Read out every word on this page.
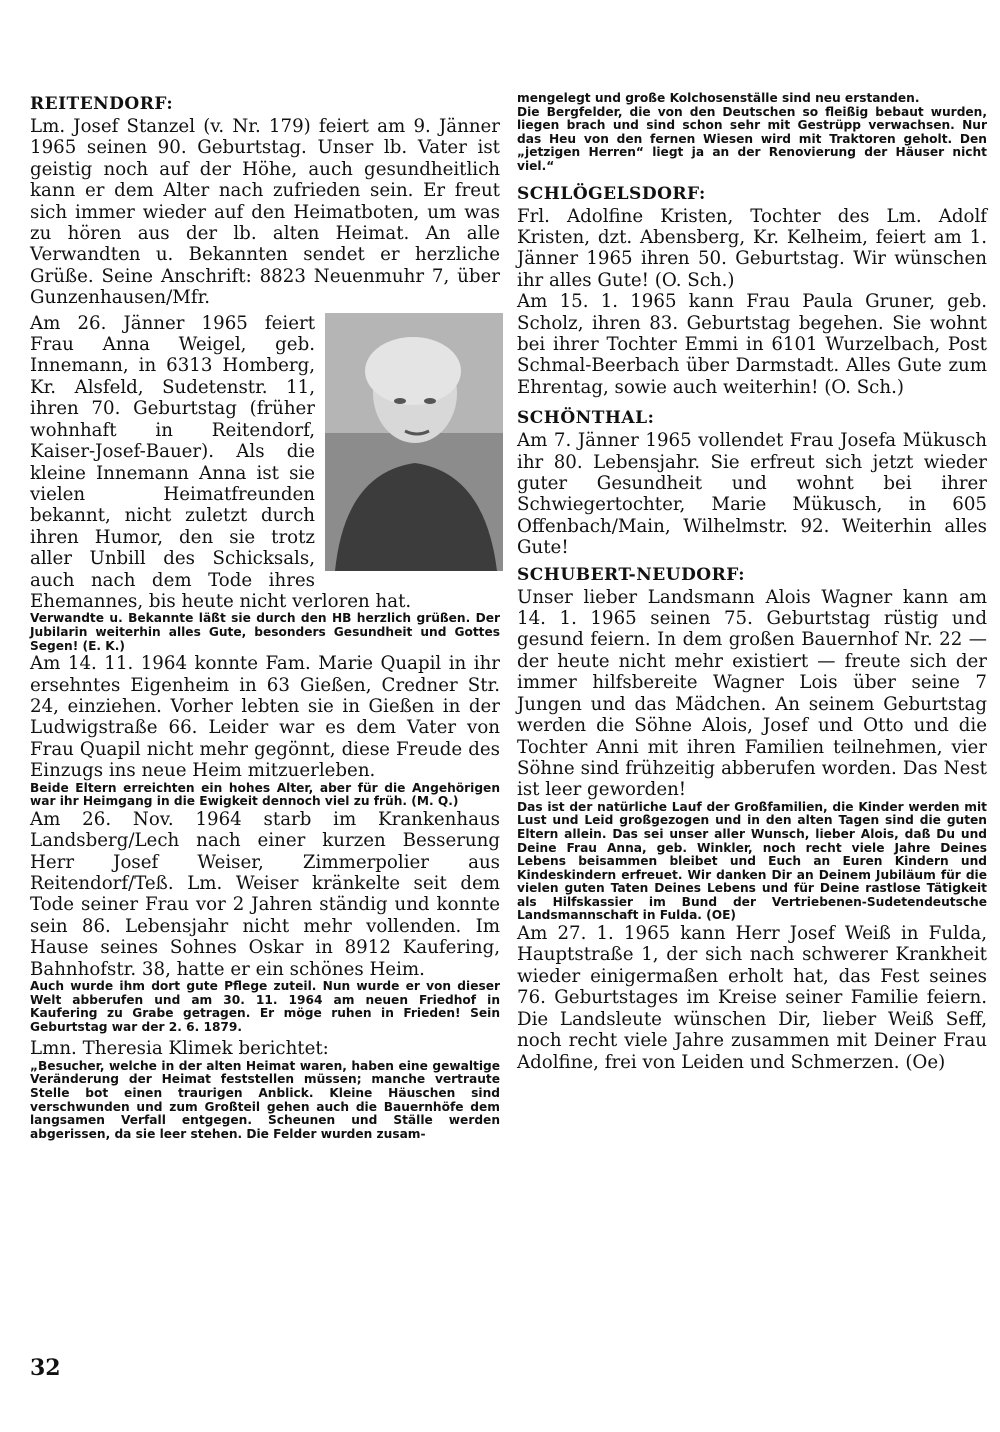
REITENDORF:

Lm. Josef Stanzel (v. Nr. 179) feiert am 9. Jänner 1965 seinen 90. Geburtstag. Unser lb. Vater ist geistig noch auf der Höhe, auch gesundheitlich kann er dem Alter nach zufrieden sein. Er freut sich immer wieder auf den Heimatboten, um was zu hören aus der lb. alten Heimat. An alle Verwandten u. Bekannten sendet er herzliche Grüße. Seine Anschrift: 8823 Neuenmuhr 7, über Gunzenhausen/Mfr.

Am 26. Jänner 1965 feiert Frau Anna Weigel, geb. Innemann, in 6313 Homberg, Kr. Alsfeld, Sudetenstr. 11, ihren 70. Geburtstag (früher wohnhaft in Reitendorf, Kaiser-Josef-Bauer). Als die kleine Innemann Anna ist sie vielen Heimatfreunden bekannt, nicht zuletzt durch ihren Humor, den sie trotz aller Unbill des Schicksals, auch nach dem Tode ihres Ehemannes, bis heute nicht verloren hat.

Verwandte u. Bekannte läßt sie durch den HB herzlich grüßen. Der Jubilarin weiterhin alles Gute, besonders Gesundheit und Gottes Segen! (E. K.)

Am 14. 11. 1964 konnte Fam. Marie Quapil in ihr ersehntes Eigenheim in 63 Gießen, Credner Str. 24, einziehen. Vorher lebten sie in Gießen in der Ludwigstraße 66. Leider war es dem Vater von Frau Quapil nicht mehr gegönnt, diese Freude des Einzugs ins neue Heim mitzuerleben.

Beide Eltern erreichten ein hohes Alter, aber für die Angehörigen war ihr Heimgang in die Ewigkeit dennoch viel zu früh. (M. Q.)

Am 26. Nov. 1964 starb im Krankenhaus Landsberg/Lech nach einer kurzen Besserung Herr Josef Weiser, Zimmerpolier aus Reitendorf/Teß. Lm. Weiser kränkelte seit dem Tode seiner Frau vor 2 Jahren ständig und konnte sein 86. Lebensjahr nicht mehr vollenden. Im Hause seines Sohnes Oskar in 8912 Kaufering, Bahnhofstr. 38, hatte er ein schönes Heim.

Auch wurde ihm dort gute Pflege zuteil. Nun wurde er von dieser Welt abberufen und am 30. 11. 1964 am neuen Friedhof in Kaufering zu Grabe getragen. Er möge ruhen in Frieden! Sein Geburtstag war der 2. 6. 1879.

Lmn. Theresia Klimek berichtet:

„Besucher, welche in der alten Heimat waren, haben eine gewaltige Veränderung der Heimat feststellen müssen; manche vertraute Stelle bot einen traurigen Anblick. Kleine Häuschen sind verschwunden und zum Großteil gehen auch die Bauernhöfe dem langsamen Verfall entgegen. Scheunen und Ställe werden abgerissen, da sie leer stehen. Die Felder wurden zusam-

mengelegt und große Kolchosenställe sind neu erstanden.

Die Bergfelder, die von den Deutschen so fleißig bebaut wurden, liegen brach und sind schon sehr mit Gestrüpp verwachsen. Nur das Heu von den fernen Wiesen wird mit Traktoren geholt. Den „jetzigen Herren“ liegt ja an der Renovierung der Häuser nicht viel.“

SCHLÖGELSDORF:

Frl. Adolfine Kristen, Tochter des Lm. Adolf Kristen, dzt. Abensberg, Kr. Kelheim, feiert am 1. Jänner 1965 ihren 50. Geburtstag. Wir wünschen ihr alles Gute! (O. Sch.)

Am 15. 1. 1965 kann Frau Paula Gruner, geb. Scholz, ihren 83. Geburtstag begehen. Sie wohnt bei ihrer Tochter Emmi in 6101 Wurzelbach, Post Schmal-Beerbach über Darmstadt. Alles Gute zum Ehrentag, sowie auch weiterhin! (O. Sch.)

SCHÖNTHAL:

Am 7. Jänner 1965 vollendet Frau Josefa Mükusch ihr 80. Lebensjahr. Sie erfreut sich jetzt wieder guter Gesundheit und wohnt bei ihrer Schwiegertochter, Marie Mükusch, in 605 Offenbach/Main, Wilhelmstr. 92. Weiterhin alles Gute!

SCHUBERT-NEUDORF:

Unser lieber Landsmann Alois Wagner kann am 14. 1. 1965 seinen 75. Geburtstag rüstig und gesund feiern. In dem großen Bauernhof Nr. 22 — der heute nicht mehr existiert — freute sich der immer hilfsbereite Wagner Lois über seine 7 Jungen und das Mädchen. An seinem Geburtstag werden die Söhne Alois, Josef und Otto und die Tochter Anni mit ihren Familien teilnehmen, vier Söhne sind frühzeitig abberufen worden. Das Nest ist leer geworden!

Das ist der natürliche Lauf der Großfamilien, die Kinder werden mit Lust und Leid großgezogen und in den alten Tagen sind die guten Eltern allein. Das sei unser aller Wunsch, lieber Alois, daß Du und Deine Frau Anna, geb. Winkler, noch recht viele Jahre Deines Lebens beisammen bleibet und Euch an Euren Kindern und Kindeskindern erfreuet. Wir danken Dir an Deinem Jubiläum für die vielen guten Taten Deines Lebens und für Deine rastlose Tätigkeit als Hilfskassier im Bund der Vertriebenen-Sudetendeutsche Landsmannschaft in Fulda. (OE)

Am 27. 1. 1965 kann Herr Josef Weiß in Fulda, Hauptstraße 1, der sich nach schwerer Krankheit wieder einigermaßen erholt hat, das Fest seines 76. Geburtstages im Kreise seiner Familie feiern. Die Landsleute wünschen Dir, lieber Weiß Seff, noch recht viele Jahre zusammen mit Deiner Frau Adolfine, frei von Leiden und Schmerzen. (Oe)

32
